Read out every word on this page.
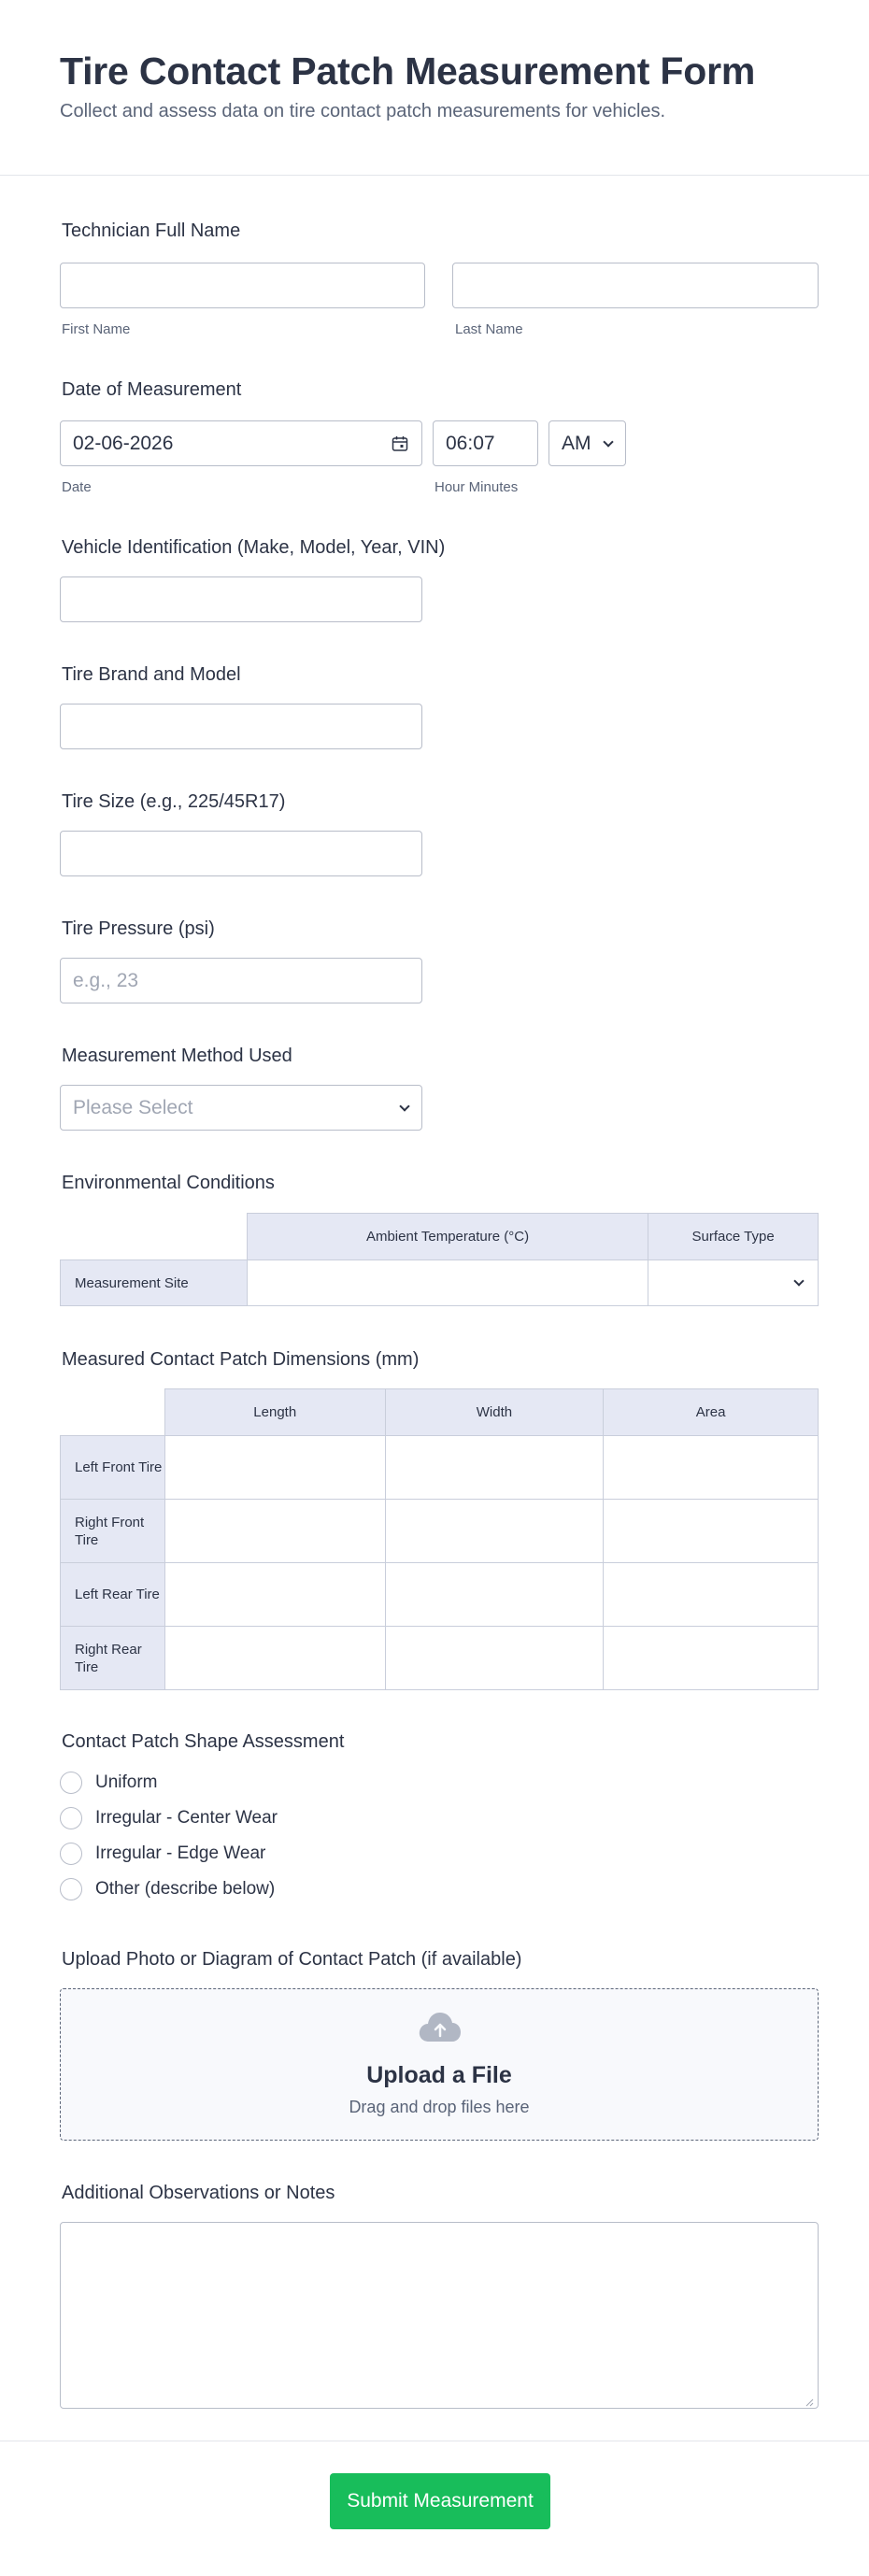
Tire Contact Patch Measurement Form

Collect and assess data on tire contact patch measurements for vehicles.

Technician Full Name
First Name	Last Name
Date of Measurement
02-06-2026	06:07	AM
Date	Hour Minutes
Vehicle Identification (Make, Model, Year, VIN)
Tire Brand and Model
Tire Size (e.g., 225/45R17)
Tire Pressure (psi)
e.g., 23
Measurement Method Used
Please Select
Environmental Conditions
	Ambient Temperature (°C)	Surface Type
Measurement Site		
Measured Contact Patch Dimensions (mm)
	Length	Width	Area
Left Front Tire			
Right Front Tire			
Left Rear Tire			
Right Rear Tire			
Contact Patch Shape Assessment
Uniform
Irregular - Center Wear
Irregular - Edge Wear
Other (describe below)
Upload Photo or Diagram of Contact Patch (if available)
Upload a File
Drag and drop files here
Additional Observations or Notes
Submit Measurement
